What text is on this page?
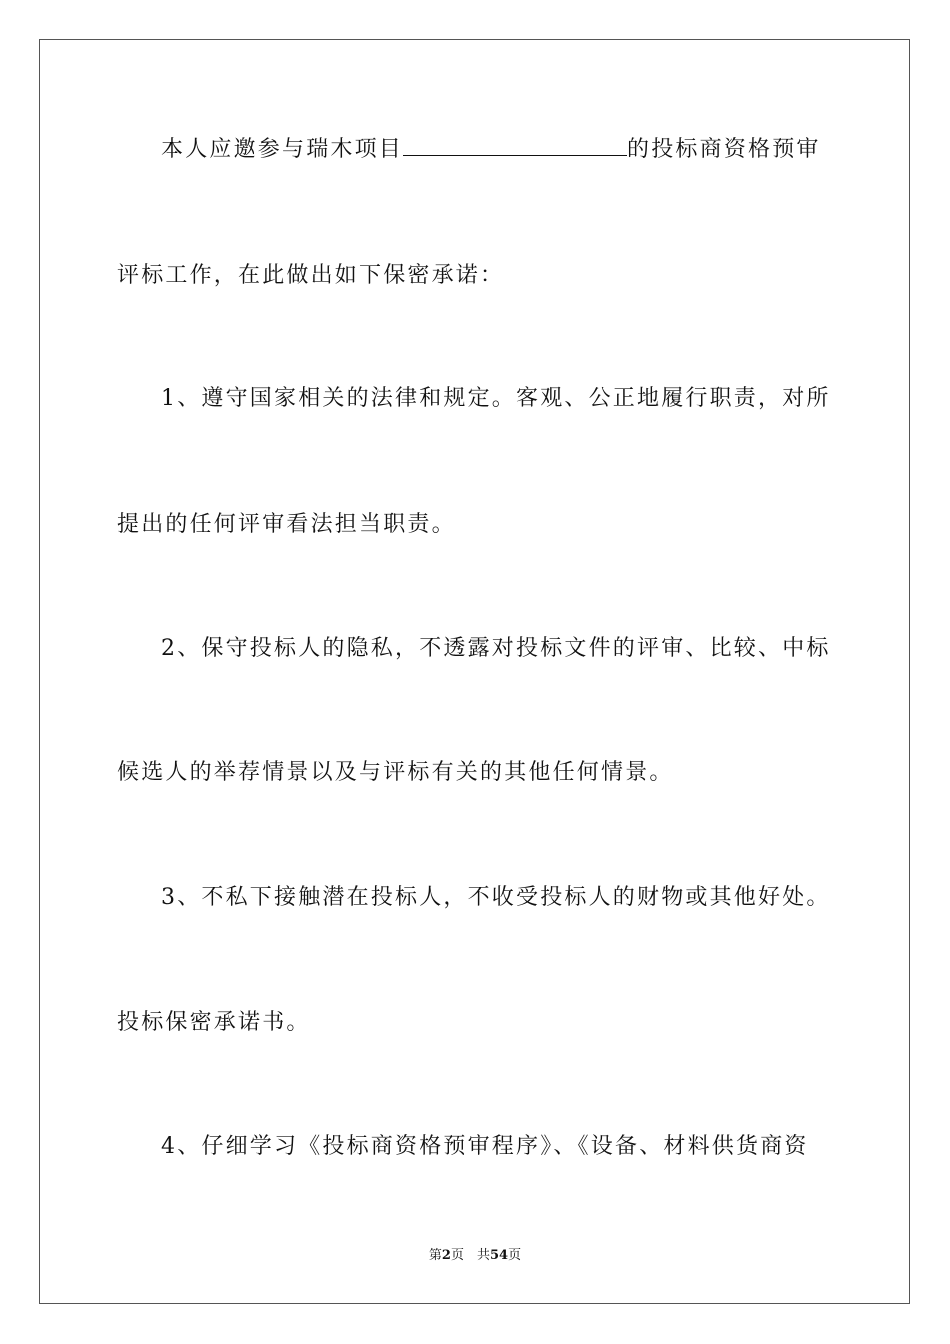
本人应邀参与瑞木项目	的投标商资格预审
评标工作，在此做出如下保密承诺：
1、遵守国家相关的法律和规定。客观、公正地履行职责，对所
提出的任何评审看法担当职责。
2、保守投标人的隐私，不透露对投标文件的评审、比较、中标
候选人的举荐情景以及与评标有关的其他任何情景。
3、不私下接触潜在投标人，不收受投标人的财物或其他好处。
投标保密承诺书。
4、仔细学习《投标商资格预审程序》、《设备、材料供货商资
第2页　共54页
